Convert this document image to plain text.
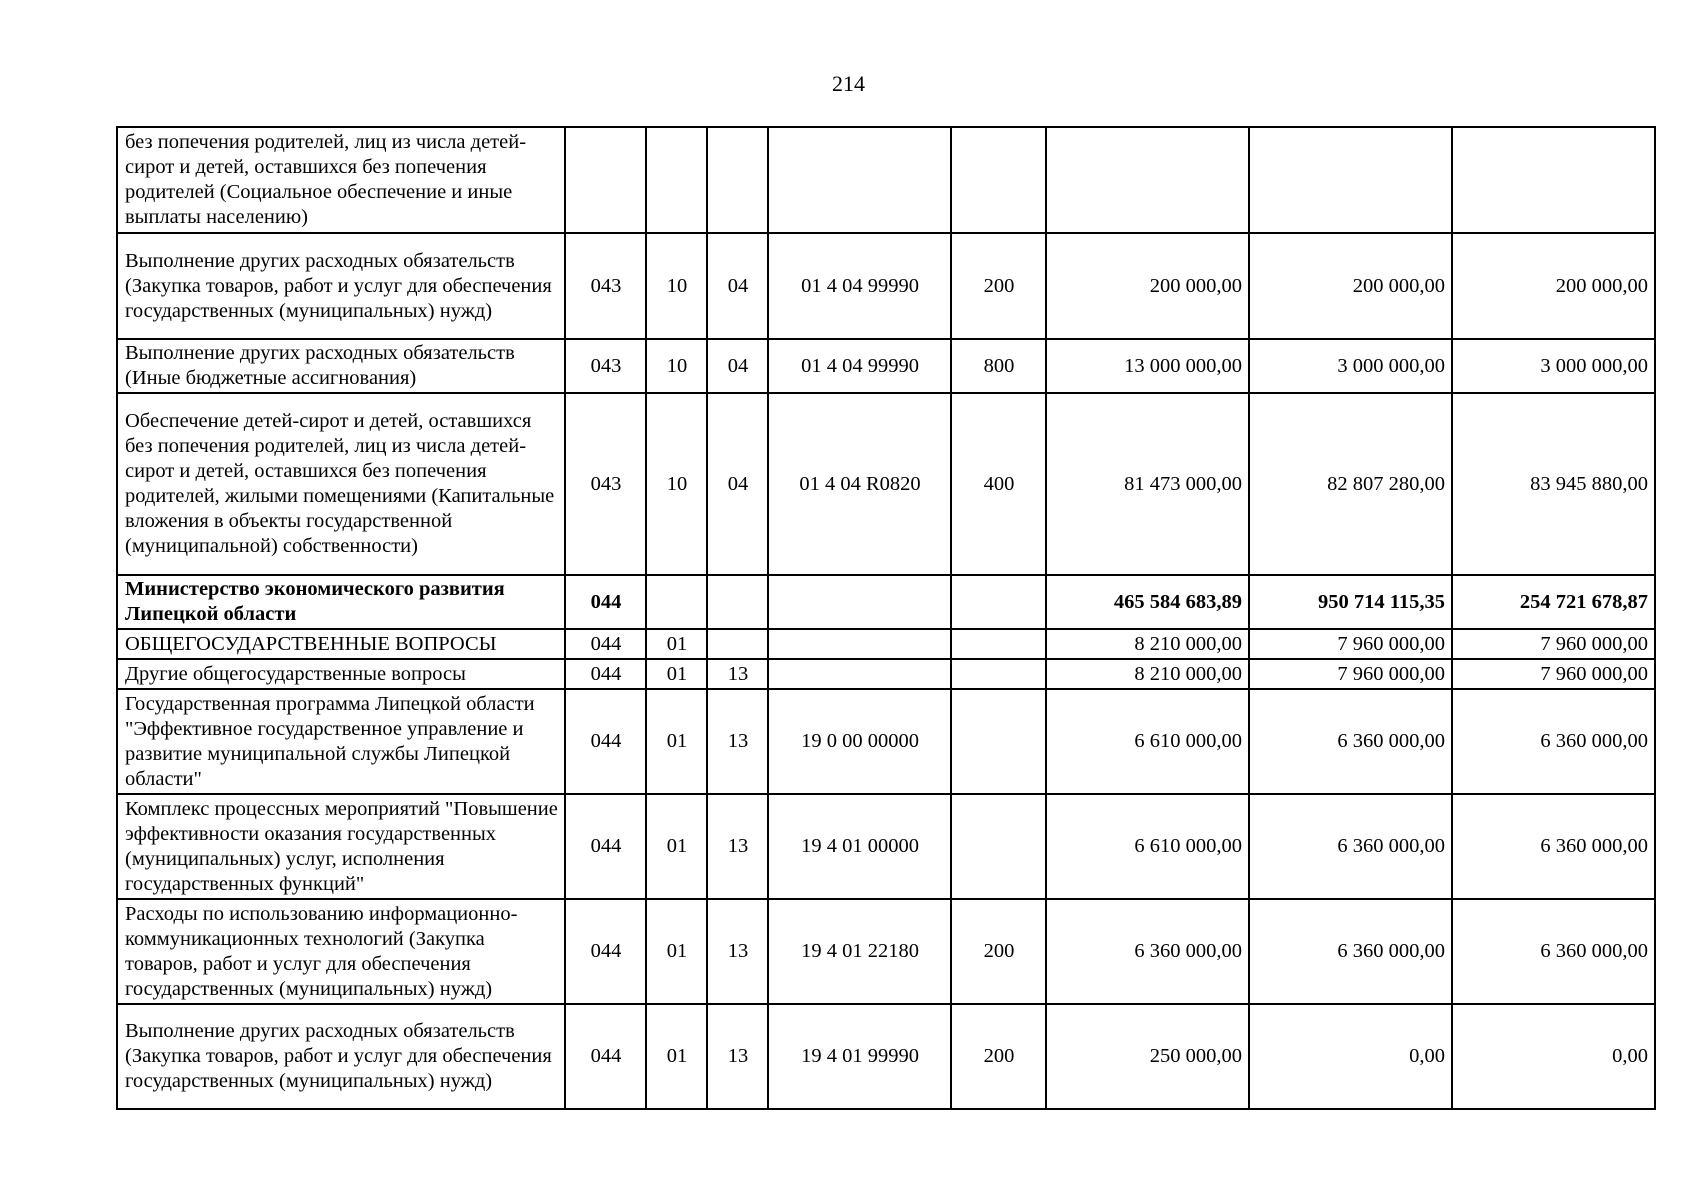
214
без попечения родителей, лиц из числа детей-сирот и детей, оставшихся без попечения родителей (Социальное обеспечение и иные выплаты населению)								
Выполнение других расходных обязательств (Закупка товаров, работ и услуг для обеспечения государственных (муниципальных) нужд)	043	10	04	01 4 04 99990	200	200 000,00	200 000,00	200 000,00
Выполнение других расходных обязательств (Иные бюджетные ассигнования)	043	10	04	01 4 04 99990	800	13 000 000,00	3 000 000,00	3 000 000,00
Обеспечение детей-сирот и детей, оставшихся без попечения родителей, лиц из числа детей-сирот и детей, оставшихся без попечения родителей, жилыми помещениями (Капитальные вложения в объекты государственной (муниципальной) собственности)	043	10	04	01 4 04 R0820	400	81 473 000,00	82 807 280,00	83 945 880,00
Министерство экономического развития Липецкой области	044					465 584 683,89	950 714 115,35	254 721 678,87
ОБЩЕГОСУДАРСТВЕННЫЕ ВОПРОСЫ	044	01				8 210 000,00	7 960 000,00	7 960 000,00
Другие общегосударственные вопросы	044	01	13			8 210 000,00	7 960 000,00	7 960 000,00
Государственная программа Липецкой области "Эффективное государственное управление и развитие муниципальной службы Липецкой области"	044	01	13	19 0 00 00000		6 610 000,00	6 360 000,00	6 360 000,00
Комплекс процессных мероприятий "Повышение эффективности оказания государственных (муниципальных) услуг, исполнения государственных функций"	044	01	13	19 4 01 00000		6 610 000,00	6 360 000,00	6 360 000,00
Расходы по использованию информационно-коммуникационных технологий (Закупка товаров, работ и услуг для обеспечения государственных (муниципальных) нужд)	044	01	13	19 4 01 22180	200	6 360 000,00	6 360 000,00	6 360 000,00
Выполнение других расходных обязательств (Закупка товаров, работ и услуг для обеспечения государственных (муниципальных) нужд)	044	01	13	19 4 01 99990	200	250 000,00	0,00	0,00
